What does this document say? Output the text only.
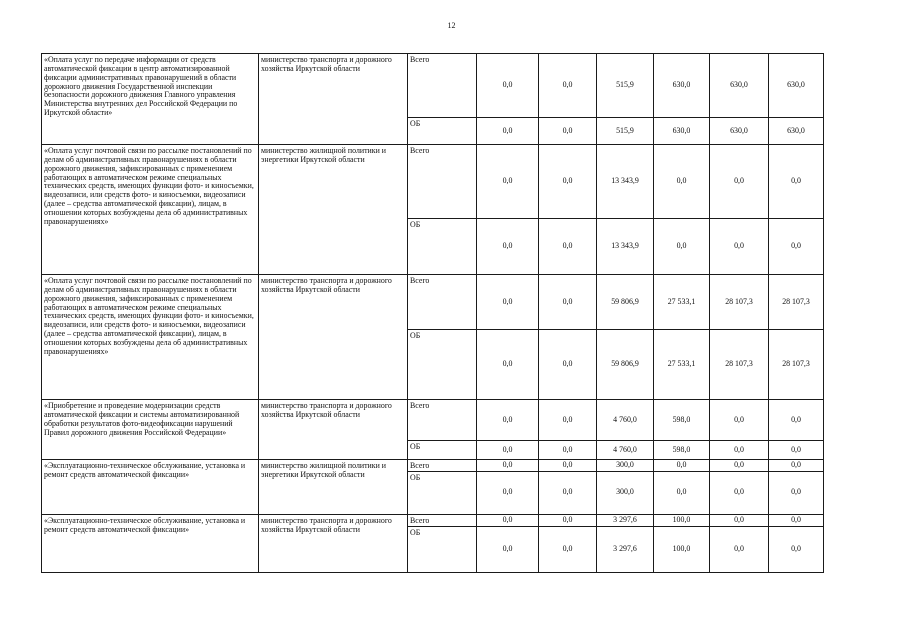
12
«Оплата услуг по передаче информации от средств автоматической фиксации в центр автоматизированной фиксации административных правонарушений в области дорожного движения Государственной инспекции безопасности дорожного движения Главного управления Министерства внутренних дел Российской Федерации по Иркутской области»	министерство транспорта и дорожного хозяйства Иркутской области	Всего	0,0	0,0	515,9	630,0	630,0	630,0
		ОБ	0,0	0,0	515,9	630,0	630,0	630,0
«Оплата услуг почтовой связи по рассылке постановлений по делам об административных правонарушениях в области дорожного движения, зафиксированных с применением работающих в автоматическом режиме специальных технических средств, имеющих функции фото- и киносъемки, видеозаписи, или средств фото- и киносъемки, видеозаписи (далее – средства автоматической фиксации), лицам, в отношении которых возбуждены дела об административных правонарушениях»	министерство жилищной политики и энергетики Иркутской области	Всего	0,0	0,0	13 343,9	0,0	0,0	0,0
		ОБ	0,0	0,0	13 343,9	0,0	0,0	0,0
«Оплата услуг почтовой связи по рассылке постановлений по делам об административных правонарушениях в области дорожного движения, зафиксированных с применением работающих в автоматическом режиме специальных технических средств, имеющих функции фото- и киносъемки, видеозаписи, или средств фото- и киносъемки, видеозаписи (далее – средства автоматической фиксации), лицам, в отношении которых возбуждены дела об административных правонарушениях»	министерство транспорта и дорожного хозяйства Иркутской области	Всего	0,0	0,0	59 806,9	27 533,1	28 107,3	28 107,3
		ОБ	0,0	0,0	59 806,9	27 533,1	28 107,3	28 107,3
«Приобретение и проведение модернизации средств автоматической фиксации и системы автоматизированной обработки результатов фото-видеофиксации нарушений Правил дорожного движения Российской Федерации»	министерство транспорта и дорожного хозяйства Иркутской области	Всего	0,0	0,0	4 760,0	598,0	0,0	0,0
		ОБ	0,0	0,0	4 760,0	598,0	0,0	0,0
«Эксплуатационно-техническое обслуживание, установка и ремонт средств автоматической фиксации»	министерство жилищной политики и энергетики Иркутской области	Всего	0,0	0,0	300,0	0,0	0,0	0,0
		ОБ	0,0	0,0	300,0	0,0	0,0	0,0
«Эксплуатационно-техническое обслуживание, установка и ремонт средств автоматической фиксации»	министерство транспорта и дорожного хозяйства Иркутской области	Всего	0,0	0,0	3 297,6	100,0	0,0	0,0
		ОБ	0,0	0,0	3 297,6	100,0	0,0	0,0
